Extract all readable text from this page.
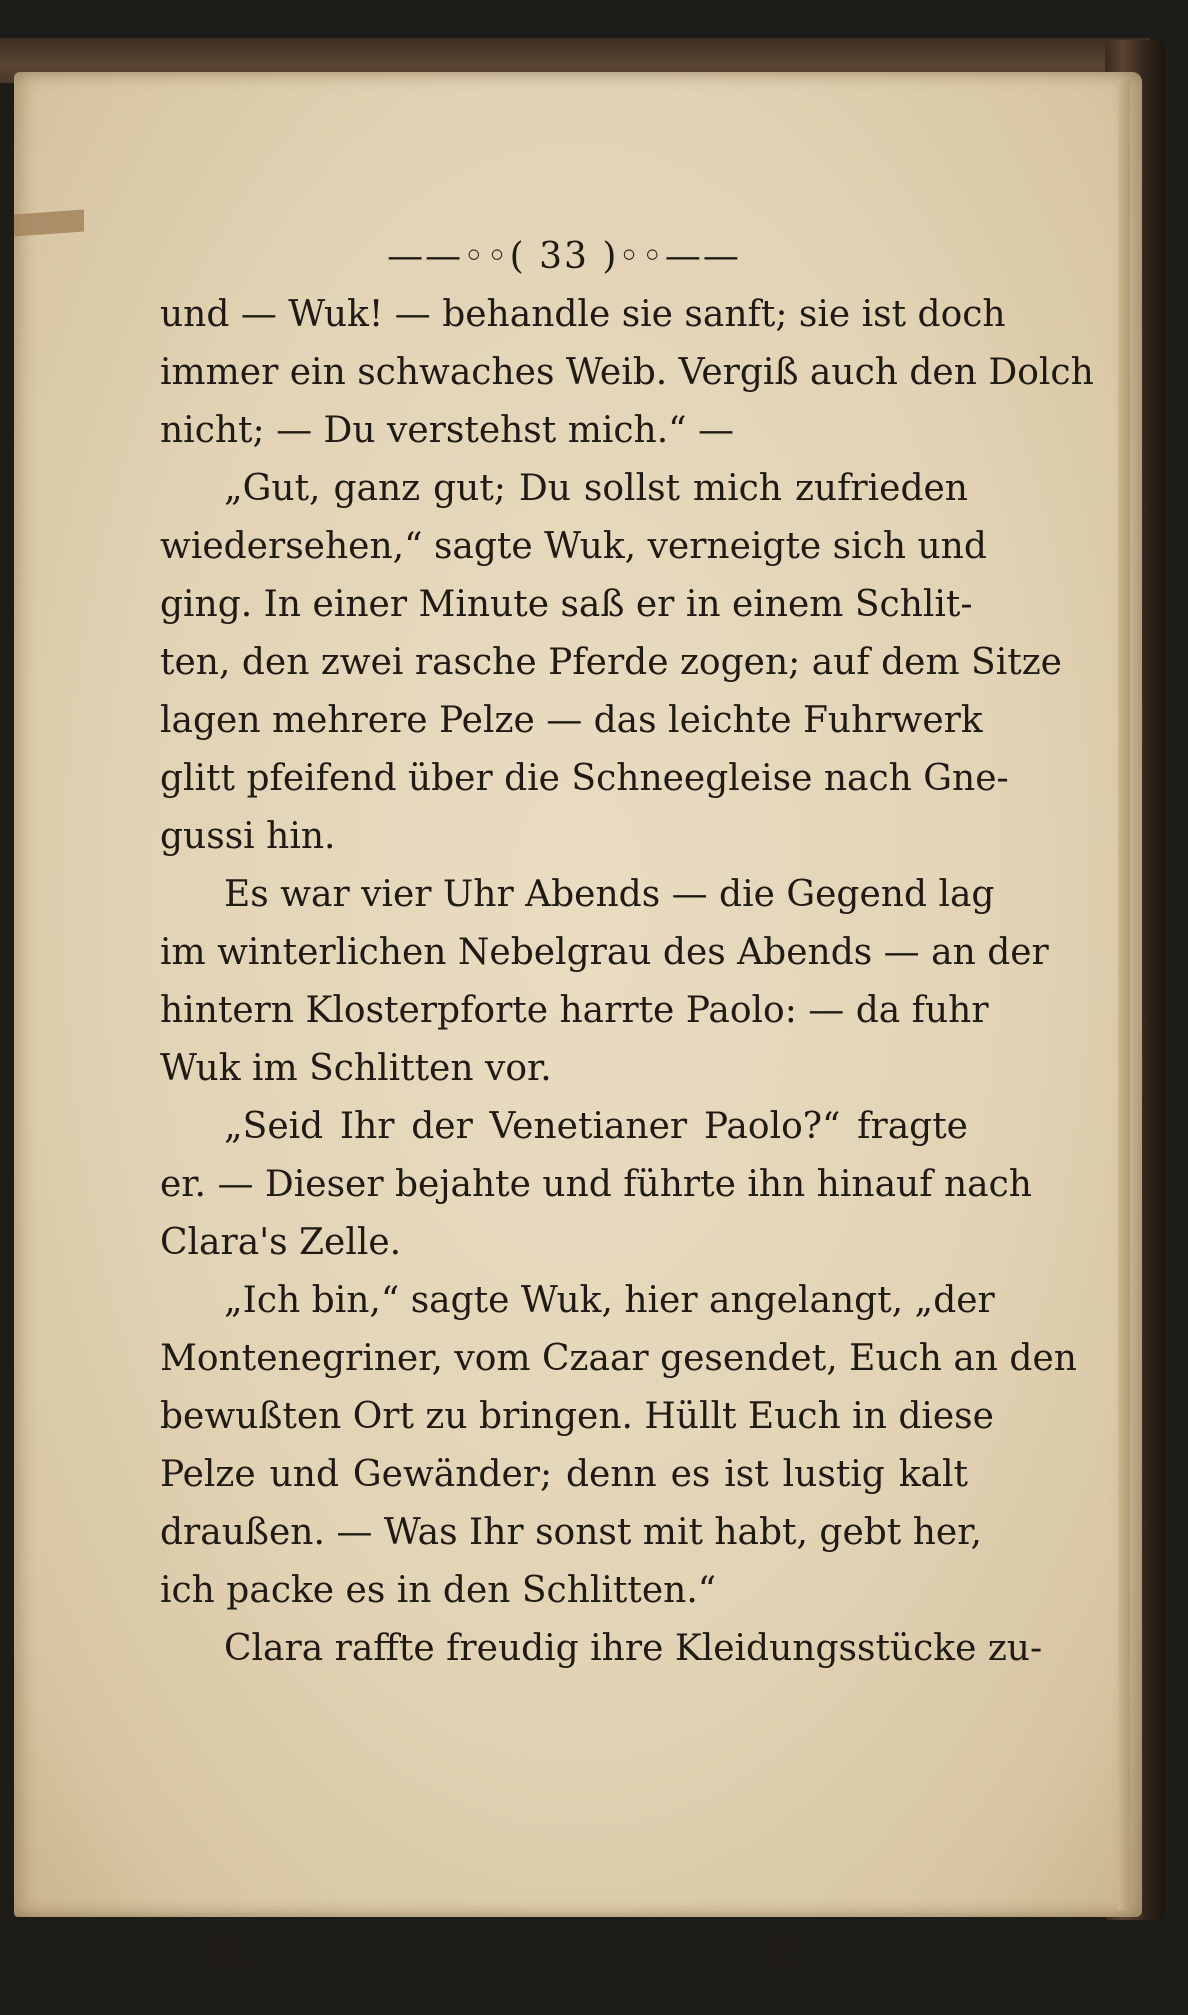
——◦◦( 33 )◦◦——
und — Wuk! — behandle sie sanft; sie ist doch
immer ein schwaches Weib. Vergiß auch den Dolch
nicht; — Du verstehst mich.“ —
„Gut, ganz gut; Du sollst mich zufrieden
wiedersehen,“ sagte Wuk, verneigte sich und
ging. In einer Minute saß er in einem Schlit-
ten, den zwei rasche Pferde zogen; auf dem Sitze
lagen mehrere Pelze — das leichte Fuhrwerk
glitt pfeifend über die Schneegleise nach Gne-
gussi hin.
Es war vier Uhr Abends — die Gegend lag
im winterlichen Nebelgrau des Abends — an der
hintern Klosterpforte harrte Paolo: — da fuhr
Wuk im Schlitten vor.
„Seid Ihr der Venetianer Paolo?“ fragte
er. — Dieser bejahte und führte ihn hinauf nach
Clara's Zelle.
„Ich bin,“ sagte Wuk, hier angelangt, „der
Montenegriner, vom Czaar gesendet, Euch an den
bewußten Ort zu bringen. Hüllt Euch in diese
Pelze und Gewänder; denn es ist lustig kalt
draußen. — Was Ihr sonst mit habt, gebt her,
ich packe es in den Schlitten.“
Clara raffte freudig ihre Kleidungsstücke zu-
II.	C
